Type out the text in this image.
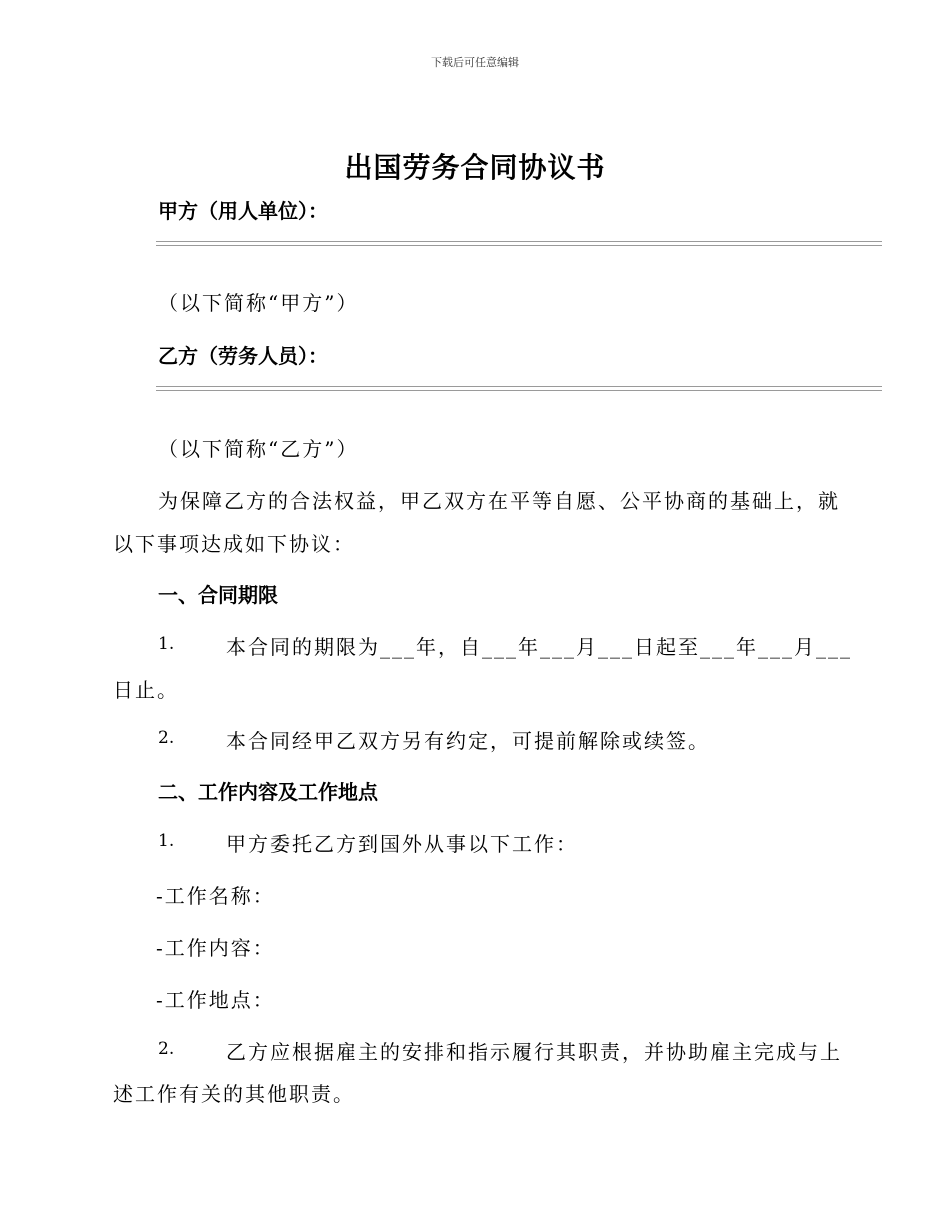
下载后可任意编辑
出国劳务合同协议书
甲方（用人单位）：
（以下简称“甲方”）
乙方（劳务人员）：
（以下简称“乙方”）
为保障乙方的合法权益，甲乙双方在平等自愿、公平协商的基础上，就
以下事项达成如下协议：
一、合同期限
1.	本合同的期限为___年，自___年___月___日起至___年___月___
日止。
2.	本合同经甲乙双方另有约定，可提前解除或续签。
二、工作内容及工作地点
1.	甲方委托乙方到国外从事以下工作：
-工作名称：
-工作内容：
-工作地点：
2.	乙方应根据雇主的安排和指示履行其职责，并协助雇主完成与上
述工作有关的其他职责。
